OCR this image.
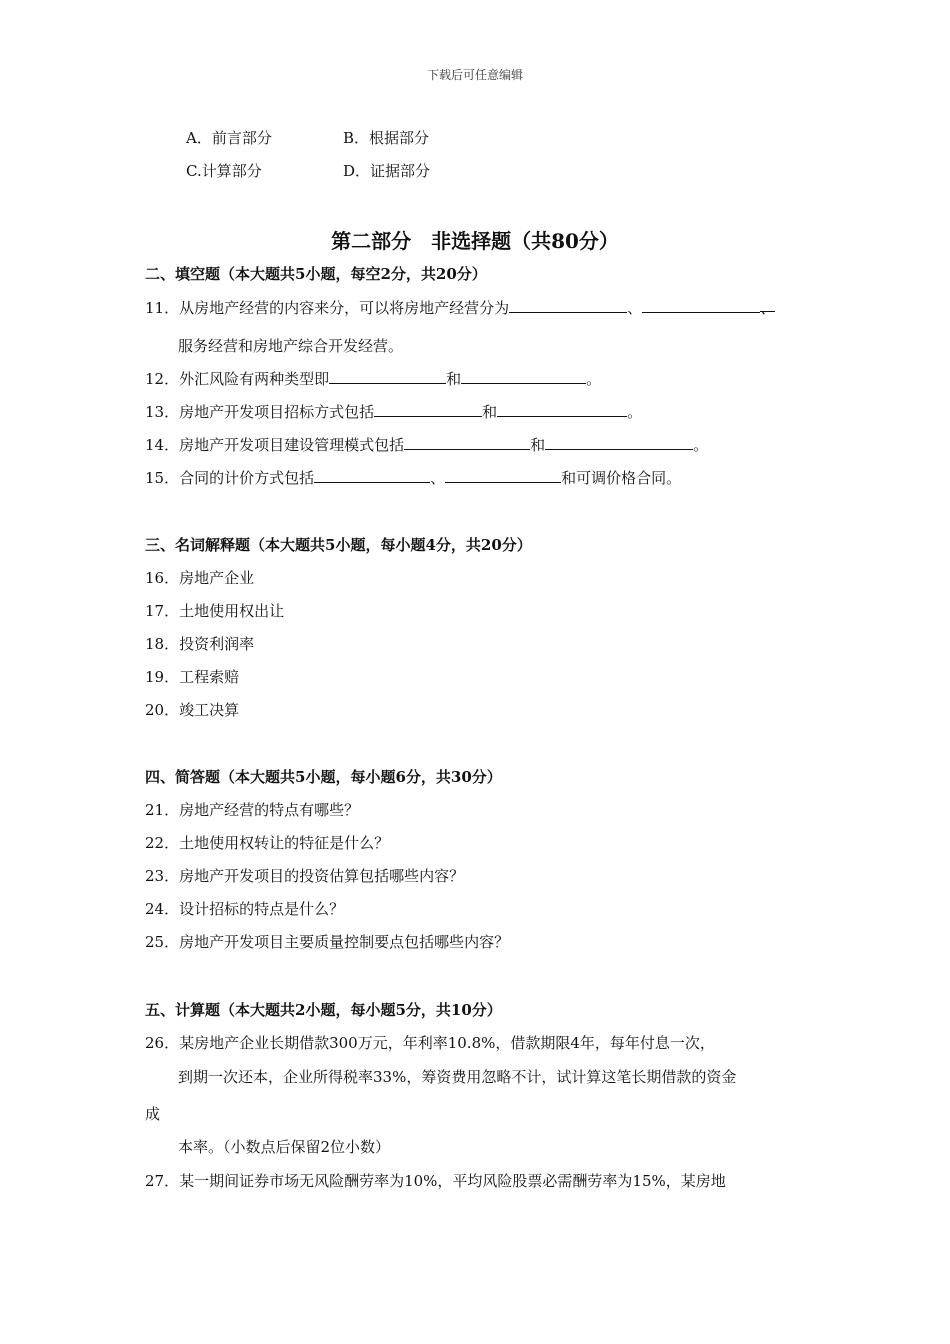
下载后可任意编辑
A．前言部分	B．根据部分
C.计算部分	D．证据部分
第二部分　非选择题（共80分）
二、填空题（本大题共5小题，每空2分，共20分）
11．从房地产经营的内容来分，可以将房地产经营分为	、	、
服务经营和房地产综合开发经营。
12．外汇风险有两种类型即	和	。
13．房地产开发项目招标方式包括	和	。
14．房地产开发项目建设管理模式包括	和	。
15．合同的计价方式包括	、	和可调价格合同。
三、名词解释题（本大题共5小题，每小题4分，共20分）
16．房地产企业
17．土地使用权出让
18．投资利润率
19．工程索赔
20．竣工决算
四、简答题（本大题共5小题，每小题6分，共30分）
21．房地产经营的特点有哪些？
22．土地使用权转让的特征是什么？
23．房地产开发项目的投资估算包括哪些内容？
24．设计招标的特点是什么？
25．房地产开发项目主要质量控制要点包括哪些内容？
五、计算题（本大题共2小题，每小题5分，共10分）
26．某房地产企业长期借款300万元，年利率10.8%，借款期限4年，每年付息一次，
到期一次还本，企业所得税率33%，筹资费用忽略不计，试计算这笔长期借款的资金
成
本率。（小数点后保留2位小数）
27．某一期间证券市场无风险酬劳率为10%，平均风险股票必需酬劳率为15%，某房地
